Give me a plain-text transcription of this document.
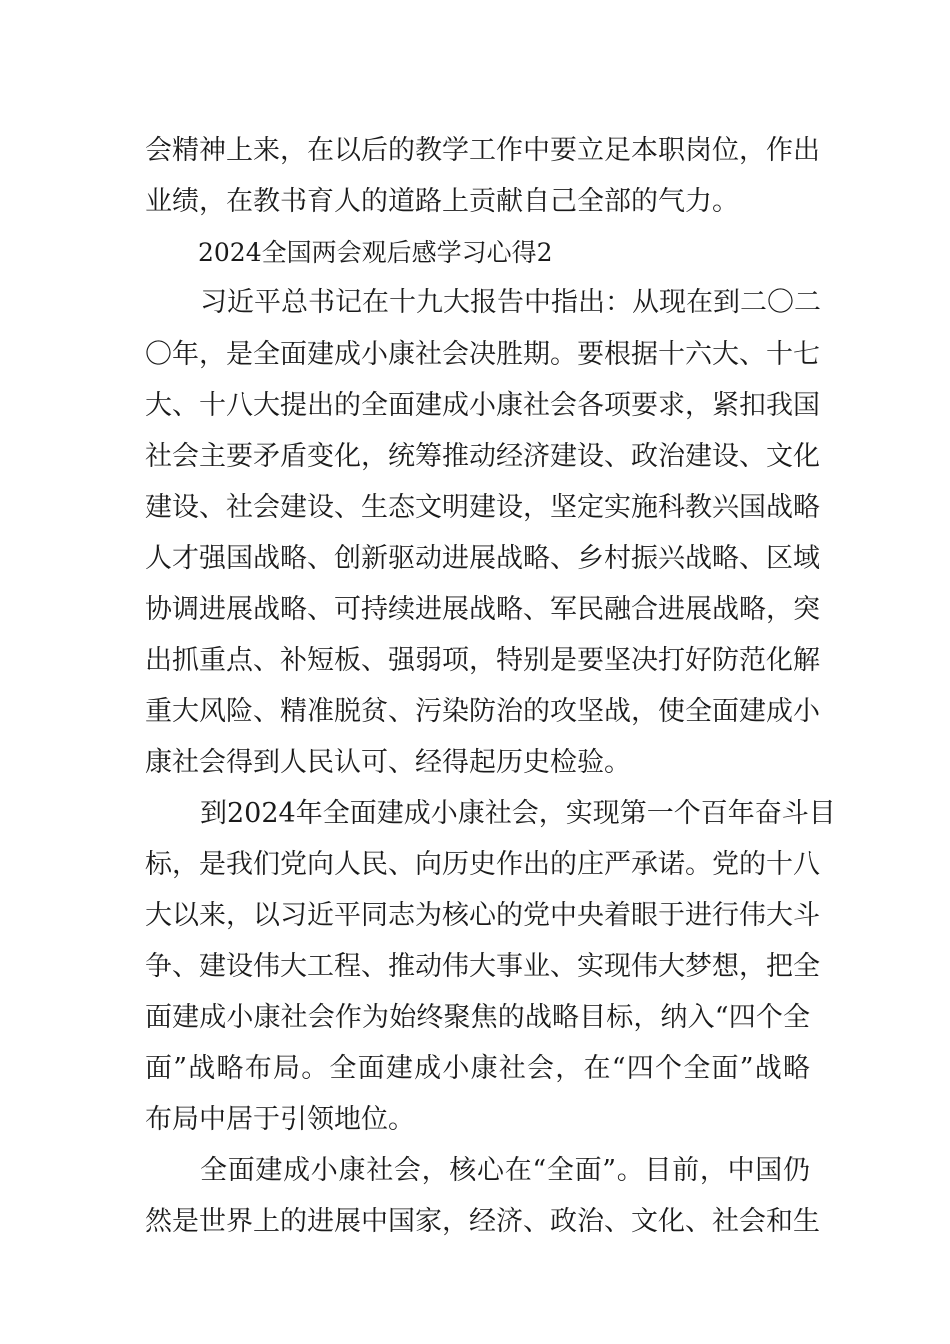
会精神上来，在以后的教学工作中要立足本职岗位，作出
业绩，在教书育人的道路上贡献自己全部的气力。
2024全国两会观后感学习心得2
习近平总书记在十九大报告中指出：从现在到二〇二
〇年，是全面建成小康社会决胜期。要根据十六大、十七
大、十八大提出的全面建成小康社会各项要求，紧扣我国
社会主要矛盾变化，统筹推动经济建设、政治建设、文化
建设、社会建设、生态文明建设，坚定实施科教兴国战略
人才强国战略、创新驱动进展战略、乡村振兴战略、区域
协调进展战略、可持续进展战略、军民融合进展战略，突
出抓重点、补短板、强弱项，特别是要坚决打好防范化解
重大风险、精准脱贫、污染防治的攻坚战，使全面建成小
康社会得到人民认可、经得起历史检验。
到2024年全面建成小康社会，实现第一个百年奋斗目
标，是我们党向人民、向历史作出的庄严承诺。党的十八
大以来，以习近平同志为核心的党中央着眼于进行伟大斗
争、建设伟大工程、推动伟大事业、实现伟大梦想，把全
面建成小康社会作为始终聚焦的战略目标，纳入“四个全
面”战略布局。全面建成小康社会，在“四个全面”战略
布局中居于引领地位。
全面建成小康社会，核心在“全面”。目前，中国仍
然是世界上的进展中国家，经济、政治、文化、社会和生
